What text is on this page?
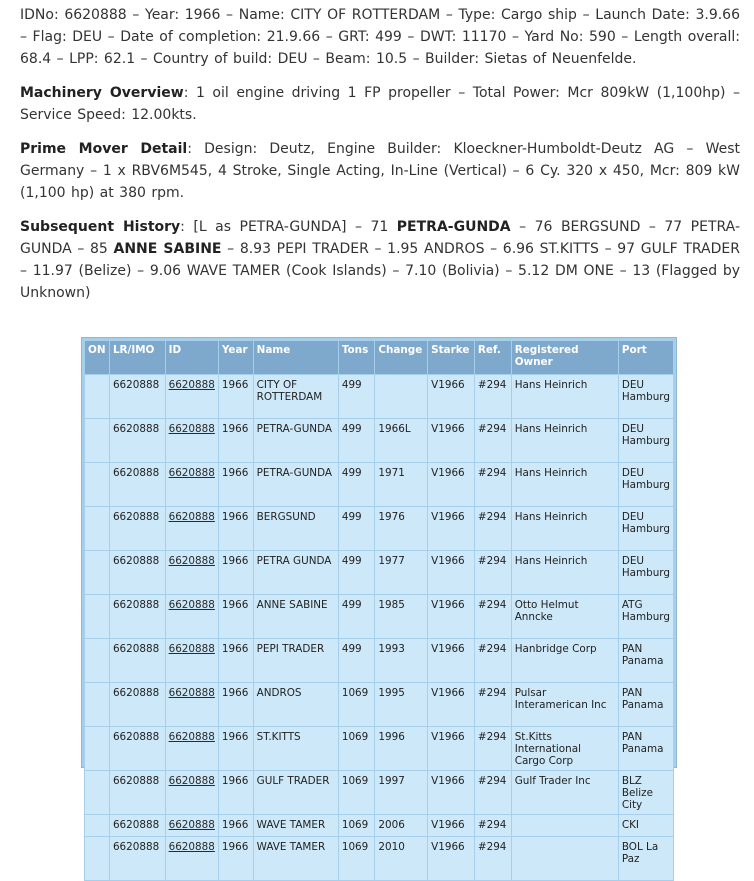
IDNo: 6620888 – Year: 1966 – Name: CITY OF ROTTERDAM – Type: Cargo ship – Launch Date: 3.9.66 – Flag: DEU – Date of completion: 21.9.66 – GRT: 499 – DWT: 11170 – Yard No: 590 – Length overall: 68.4 – LPP: 62.1 – Country of build: DEU – Beam: 10.5 – Builder: Sietas of Neuenfelde.

Machinery Overview: 1 oil engine driving 1 FP propeller – Total Power: Mcr 809kW (1,100hp) – Service Speed: 12.00kts.

Prime Mover Detail: Design: Deutz, Engine Builder: Kloeckner-Humboldt-Deutz AG – West Germany – 1 x RBV6M545, 4 Stroke, Single Acting, In-Line (Vertical) – 6 Cy. 320 x 450, Mcr: 809 kW (1,100 hp) at 380 rpm.

Subsequent History: [L as PETRA-GUNDA] – 71 PETRA-GUNDA – 76 BERGSUND – 77 PETRA-GUNDA – 85 ANNE SABINE – 8.93 PEPI TRADER – 1.95 ANDROS – 6.96 ST.KITTS – 97 GULF TRADER – 11.97 (Belize) – 9.06 WAVE TAMER (Cook Islands) – 7.10 (Bolivia) – 5.12 DM ONE – 13 (Flagged by Unknown)

ON	LR/IMO	ID	Year	Name	Tons	Change	Starke	Ref.	Registered Owner	Port
	6620888	6620888	1966	CITY OF ROTTERDAM	499		V1966	#294	Hans Heinrich	DEU Hamburg
	6620888	6620888	1966	PETRA-GUNDA	499	1966L	V1966	#294	Hans Heinrich	DEU Hamburg
	6620888	6620888	1966	PETRA-GUNDA	499	1971	V1966	#294	Hans Heinrich	DEU Hamburg
	6620888	6620888	1966	BERGSUND	499	1976	V1966	#294	Hans Heinrich	DEU Hamburg
	6620888	6620888	1966	PETRA GUNDA	499	1977	V1966	#294	Hans Heinrich	DEU Hamburg
	6620888	6620888	1966	ANNE SABINE	499	1985	V1966	#294	Otto Helmut Anncke	ATG Hamburg
	6620888	6620888	1966	PEPI TRADER	499	1993	V1966	#294	Hanbridge Corp	PAN Panama
	6620888	6620888	1966	ANDROS	1069	1995	V1966	#294	Pulsar Interamerican Inc	PAN Panama
	6620888	6620888	1966	ST.KITTS	1069	1996	V1966	#294	St.Kitts International Cargo Corp	PAN Panama
	6620888	6620888	1966	GULF TRADER	1069	1997	V1966	#294	Gulf Trader Inc	BLZ Belize City
	6620888	6620888	1966	WAVE TAMER	1069	2006	V1966	#294		CKI
	6620888	6620888	1966	WAVE TAMER	1069	2010	V1966	#294		BOL La Paz
